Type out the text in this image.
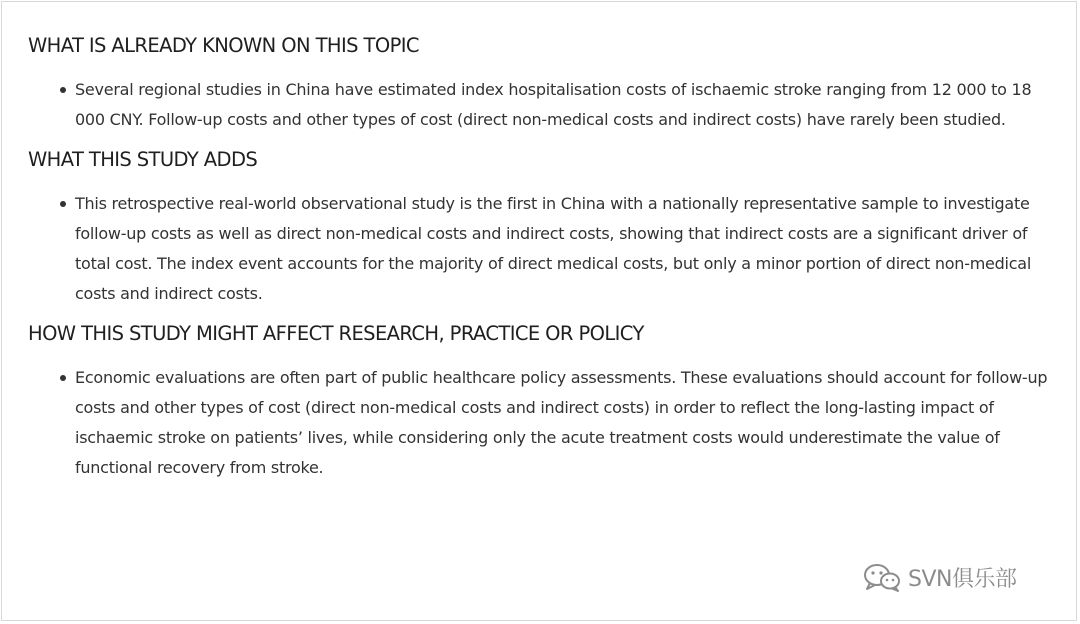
WHAT IS ALREADY KNOWN ON THIS TOPIC
Several regional studies in China have estimated index hospitalisation costs of ischaemic stroke ranging from 12 000 to 18 000 CNY. Follow-up costs and other types of cost (direct non-medical costs and indirect costs) have rarely been studied.
WHAT THIS STUDY ADDS
This retrospective real-world observational study is the first in China with a nationally representative sample to investigate follow-up costs as well as direct non-medical costs and indirect costs, showing that indirect costs are a significant driver of total cost. The index event accounts for the majority of direct medical costs, but only a minor portion of direct non-medical costs and indirect costs.
HOW THIS STUDY MIGHT AFFECT RESEARCH, PRACTICE OR POLICY
Economic evaluations are often part of public healthcare policy assessments. These evaluations should account for follow-up costs and other types of cost (direct non-medical costs and indirect costs) in order to reflect the long-lasting impact of ischaemic stroke on patients’ lives, while considering only the acute treatment costs would underestimate the value of functional recovery from stroke.
SVN俱乐部
